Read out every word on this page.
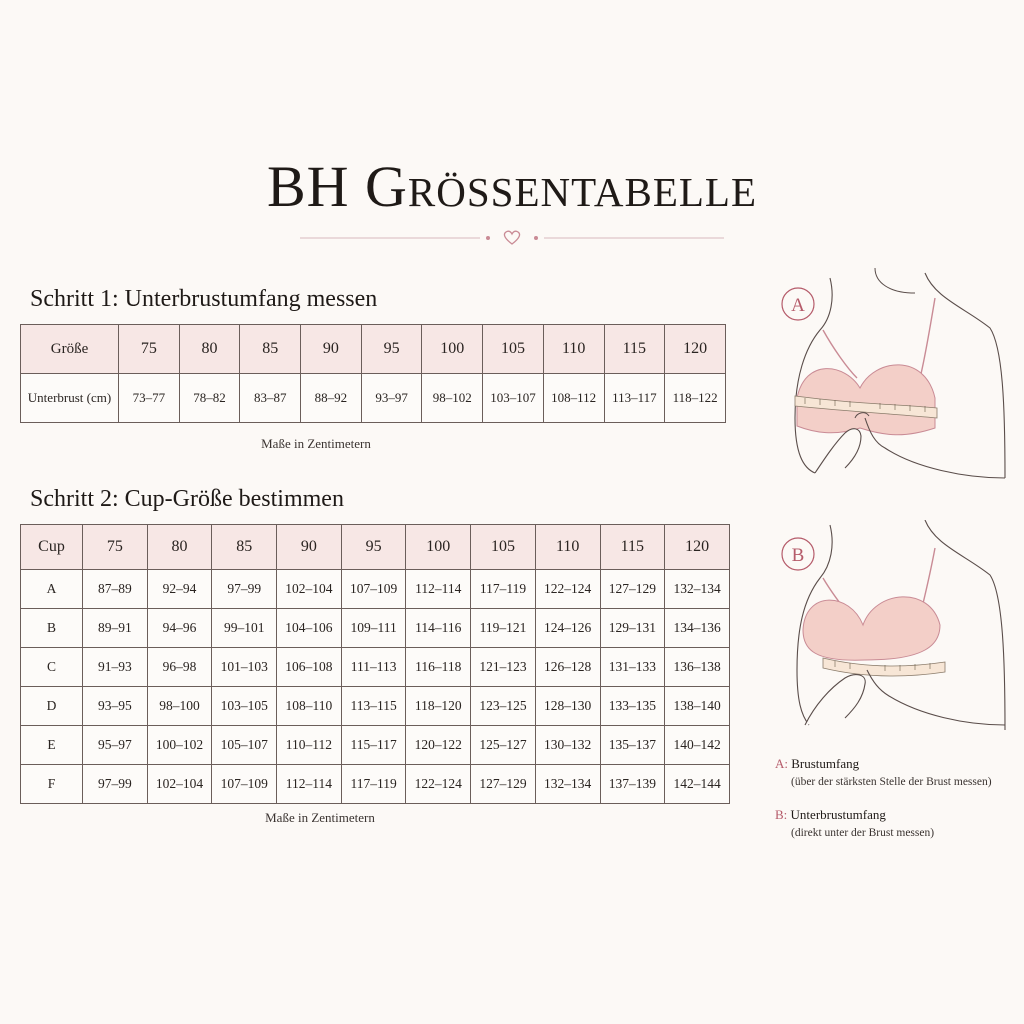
BH Grössentabelle
Schritt 1: Unterbrustumfang messen
Größe	75	80	85	90	95	100	105	110	115	120
Unterbrust (cm)	73–77	78–82	83–87	88–92	93–97	98–102	103–107	108–112	113–117	118–122
Maße in Zentimetern
Schritt 2: Cup-Größe bestimmen
Cup	75	80	85	90	95	100	105	110	115	120
A	87–89	92–94	97–99	102–104	107–109	112–114	117–119	122–124	127–129	132–134
B	89–91	94–96	99–101	104–106	109–111	114–116	119–121	124–126	129–131	134–136
C	91–93	96–98	101–103	106–108	111–113	116–118	121–123	126–128	131–133	136–138
D	93–95	98–100	103–105	108–110	113–115	118–120	123–125	128–130	133–135	138–140
E	95–97	100–102	105–107	110–112	115–117	120–122	125–127	130–132	135–137	140–142
F	97–99	102–104	107–109	112–114	117–119	122–124	127–129	132–134	137–139	142–144
Maße in Zentimetern
A
B
A: Brustumfang
(über der stärksten Stelle der Brust messen)
B: Unterbrustumfang
(direkt unter der Brust messen)
